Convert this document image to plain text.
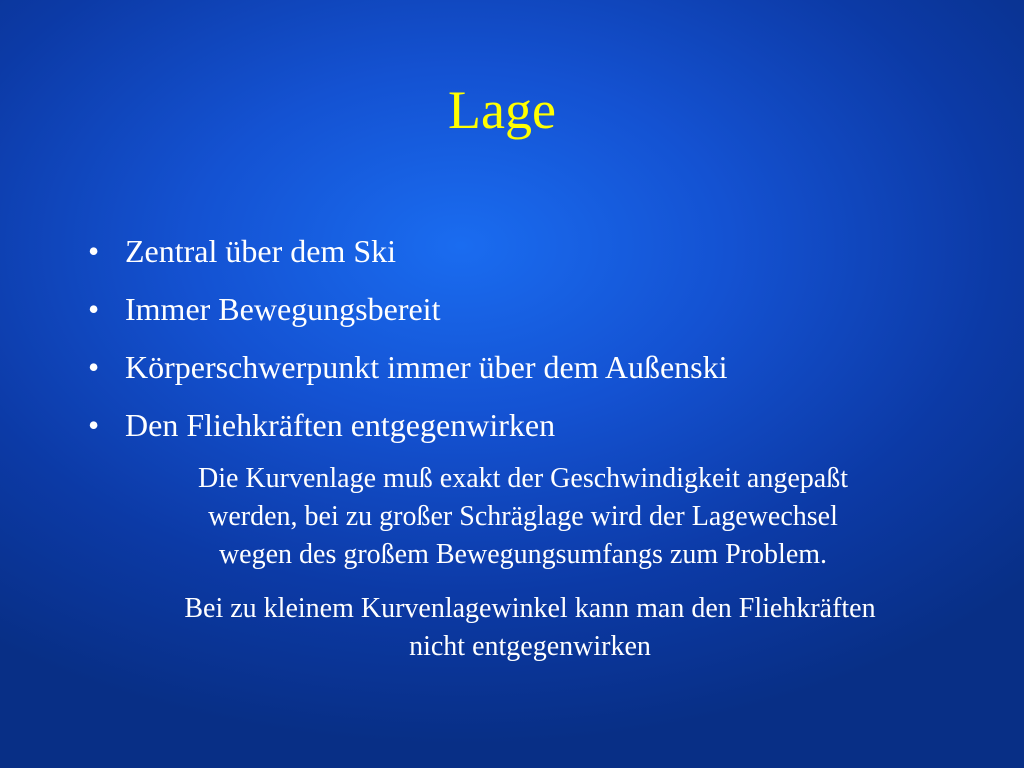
Lage
• Zentral über dem Ski
• Immer Bewegungsbereit
• Körperschwerpunkt immer über dem Außenski
• Den Fliehkräften entgegenwirken

Die Kurvenlage muß exakt der Geschwindigkeit angepaßt
werden, bei zu großer Schräglage wird der Lagewechsel
wegen des großem Bewegungsumfangs zum Problem.

Bei zu kleinem Kurvenlagewinkel kann man den Fliehkräften
nicht entgegenwirken
